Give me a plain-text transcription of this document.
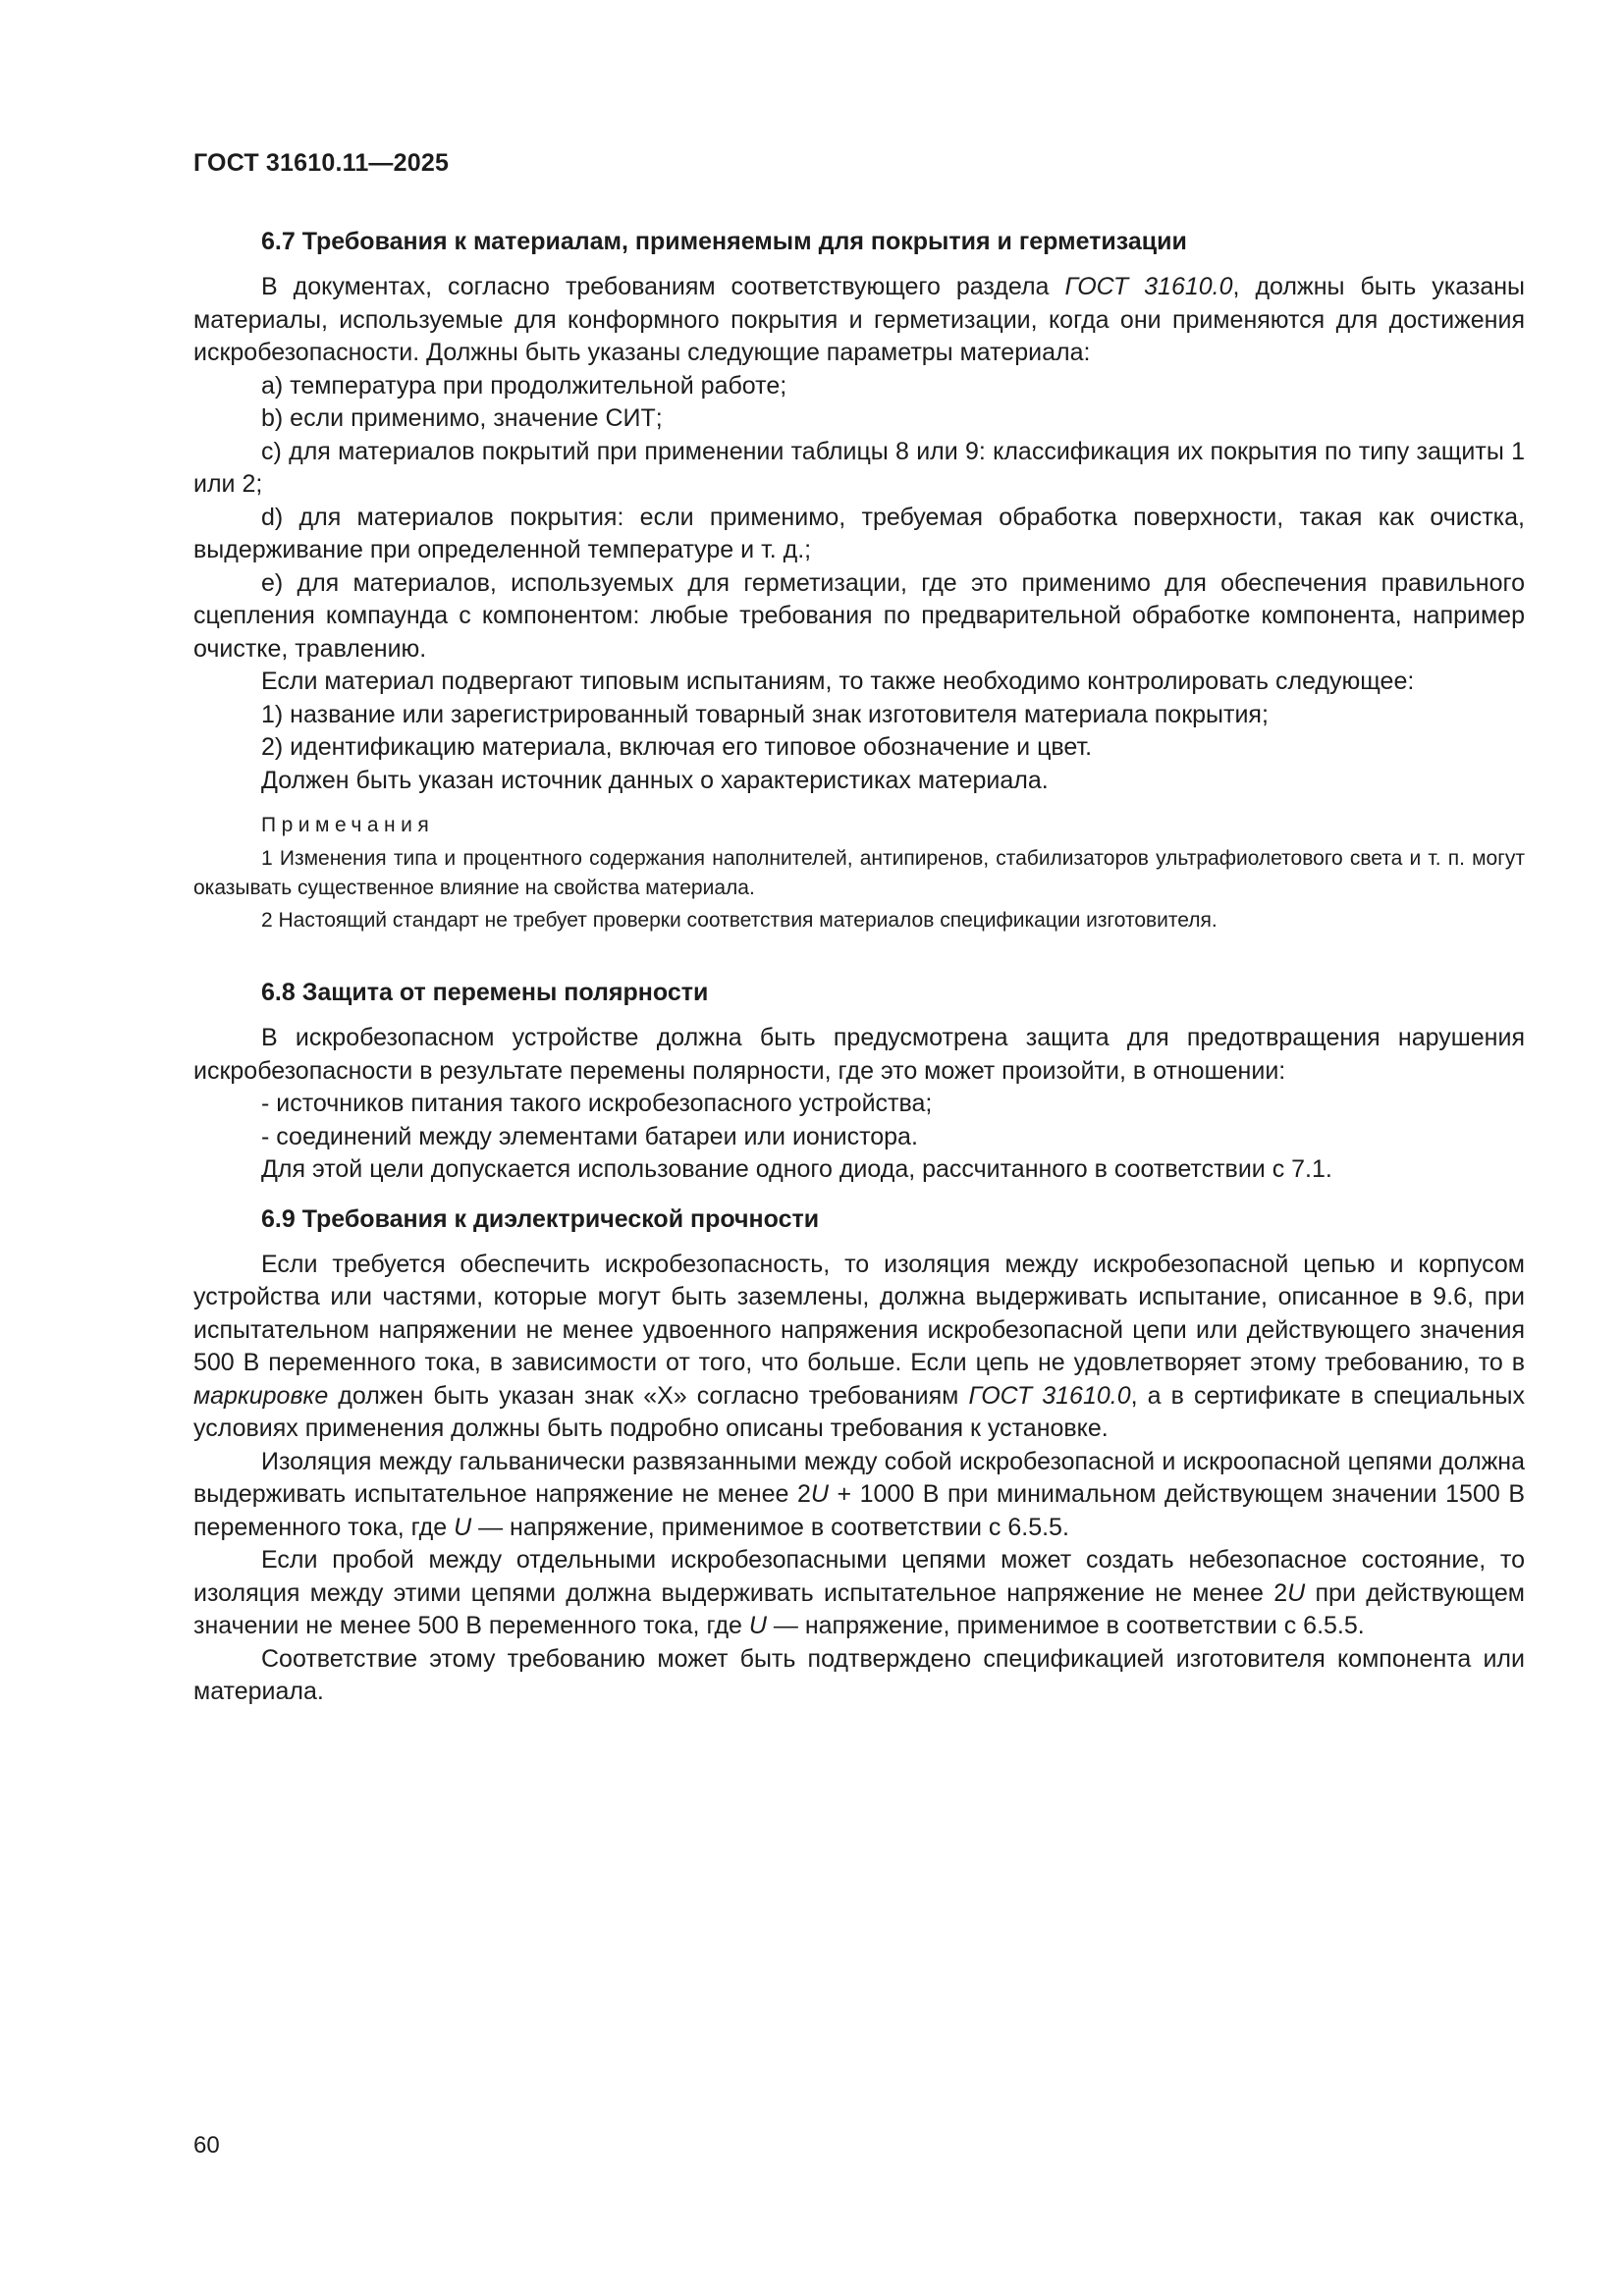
ГОСТ 31610.11—2025
6.7 Требования к материалам, применяемым для покрытия и герметизации

В документах, согласно требованиям соответствующего раздела ГОСТ 31610.0, должны быть указаны материалы, используемые для конформного покрытия и герметизации, когда они применяются для достижения искробезопасности. Должны быть указаны следующие параметры материала:

а) температура при продолжительной работе;

b) если применимо, значение СИТ;

с) для материалов покрытий при применении таблицы 8 или 9: классификация их покрытия по типу защиты 1 или 2;

d) для материалов покрытия: если применимо, требуемая обработка поверхности, такая как очистка, выдерживание при определенной температуре и т. д.;

е) для материалов, используемых для герметизации, где это применимо для обеспечения правильного сцепления компаунда с компонентом: любые требования по предварительной обработке компонента, например очистке, травлению.

Если материал подвергают типовым испытаниям, то также необходимо контролировать следующее:

1) название или зарегистрированный товарный знак изготовителя материала покрытия;

2) идентификацию материала, включая его типовое обозначение и цвет.

Должен быть указан источник данных о характеристиках материала.

Примечания

1 Изменения типа и процентного содержания наполнителей, антипиренов, стабилизаторов ультрафиолетового света и т. п. могут оказывать существенное влияние на свойства материала.

2 Настоящий стандарт не требует проверки соответствия материалов спецификации изготовителя.

6.8 Защита от перемены полярности

В искробезопасном устройстве должна быть предусмотрена защита для предотвращения нарушения искробезопасности в результате перемены полярности, где это может произойти, в отношении:

- источников питания такого искробезопасного устройства;

- соединений между элементами батареи или ионистора.

Для этой цели допускается использование одного диода, рассчитанного в соответствии с 7.1.

6.9 Требования к диэлектрической прочности

Если требуется обеспечить искробезопасность, то изоляция между искробезопасной цепью и корпусом устройства или частями, которые могут быть заземлены, должна выдерживать испытание, описанное в 9.6, при испытательном напряжении не менее удвоенного напряжения искробезопасной цепи или действующего значения 500 В переменного тока, в зависимости от того, что больше. Если цепь не удовлетворяет этому требованию, то в маркировке должен быть указан знак «X» согласно требованиям ГОСТ 31610.0, а в сертификате в специальных условиях применения должны быть подробно описаны требования к установке.

Изоляция между гальванически развязанными между собой искробезопасной и искроопасной цепями должна выдерживать испытательное напряжение не менее 2U + 1000 В при минимальном действующем значении 1500 В переменного тока, где U — напряжение, применимое в соответствии с 6.5.5.

Если пробой между отдельными искробезопасными цепями может создать небезопасное состояние, то изоляция между этими цепями должна выдерживать испытательное напряжение не менее 2U при действующем значении не менее 500 В переменного тока, где U — напряжение, применимое в соответствии с 6.5.5.

Соответствие этому требованию может быть подтверждено спецификацией изготовителя компонента или материала.

60
